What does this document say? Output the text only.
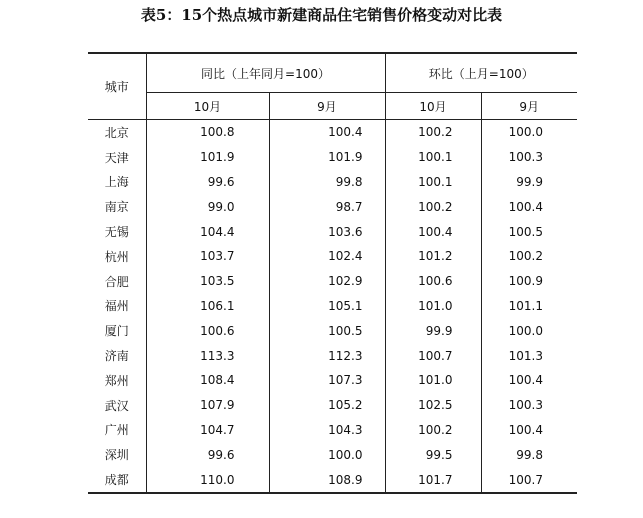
表5：15个热点城市新建商品住宅销售价格变动对比表
城市	同比（上年同月=100）		环比（上月=100）	
	10月	9月	10月	9月
北京	100.8	100.4	100.2	100.0
天津	101.9	101.9	100.1	100.3
上海	99.6	99.8	100.1	99.9
南京	99.0	98.7	100.2	100.4
无锡	104.4	103.6	100.4	100.5
杭州	103.7	102.4	101.2	100.2
合肥	103.5	102.9	100.6	100.9
福州	106.1	105.1	101.0	101.1
厦门	100.6	100.5	99.9	100.0
济南	113.3	112.3	100.7	101.3
郑州	108.4	107.3	101.0	100.4
武汉	107.9	105.2	102.5	100.3
广州	104.7	104.3	100.2	100.4
深圳	99.6	100.0	99.5	99.8
成都	110.0	108.9	101.7	100.7
